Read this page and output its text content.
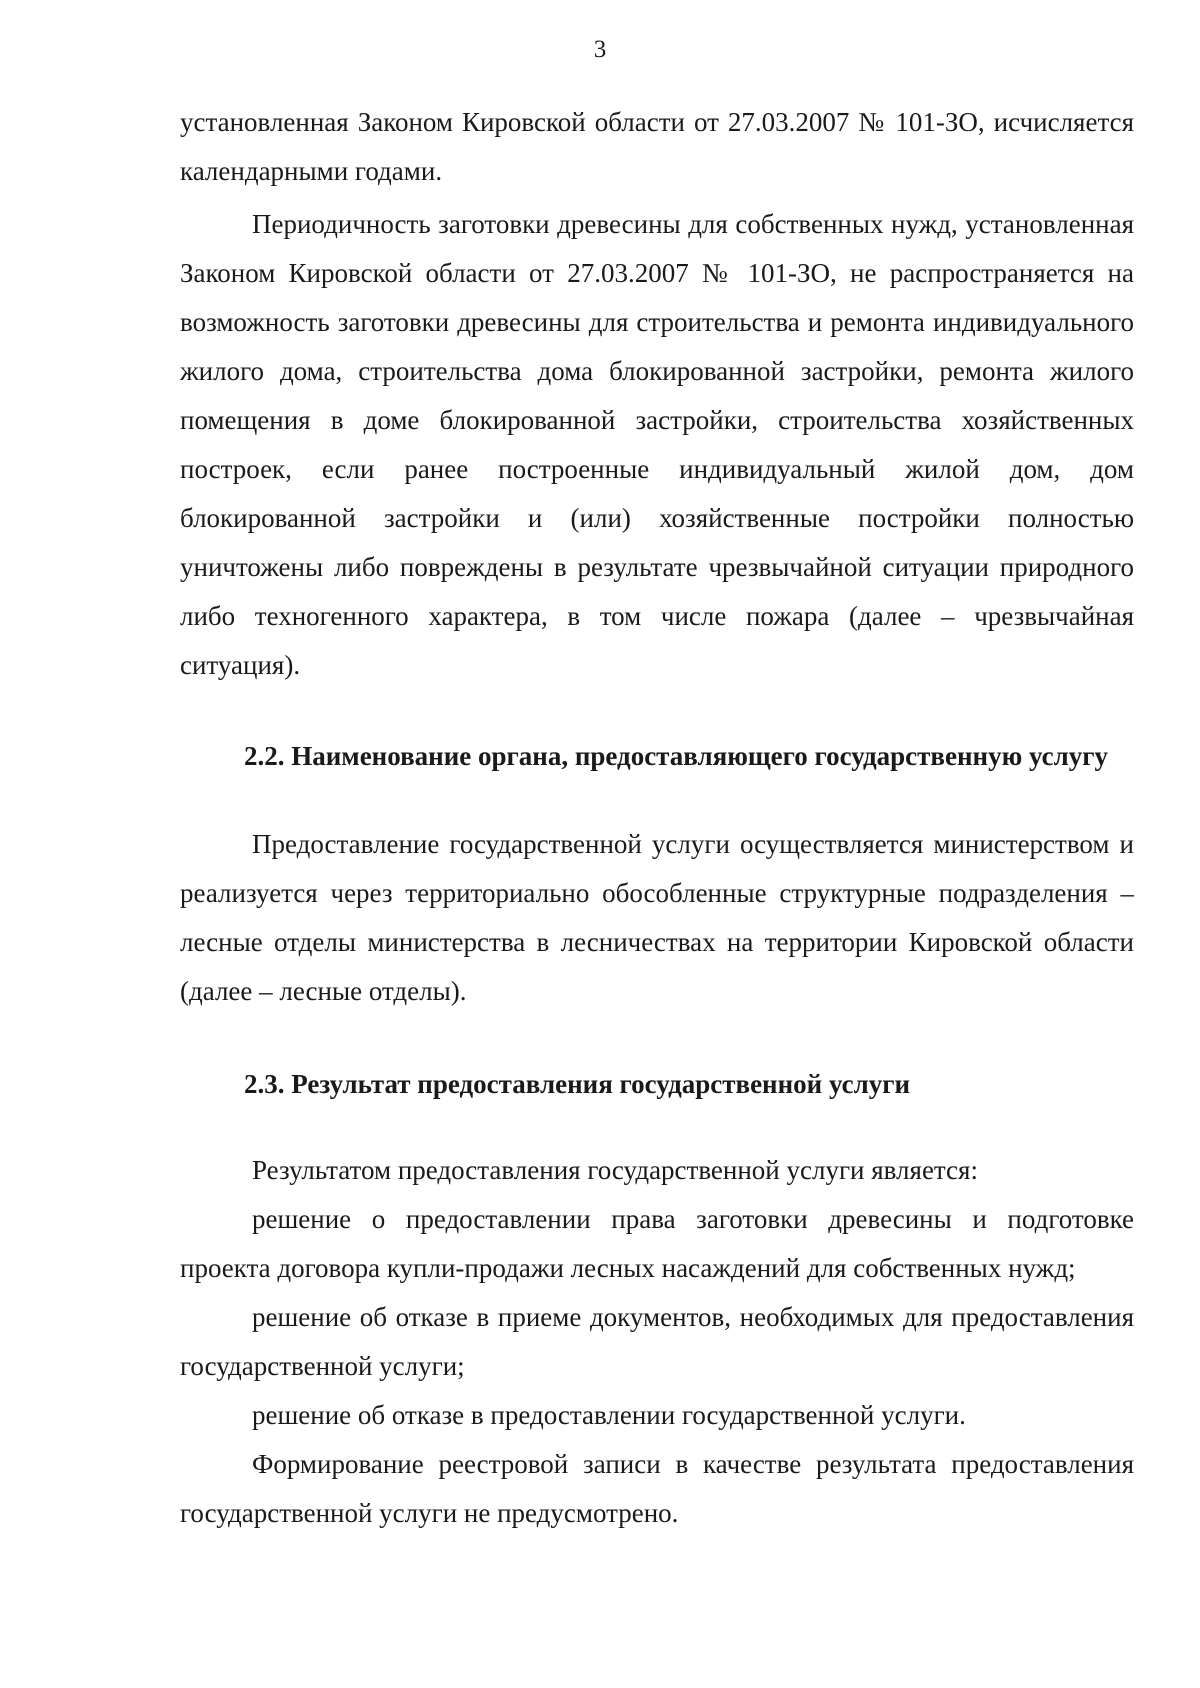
3

установленная Законом Кировской области от 27.03.2007 № 101-ЗО, исчисляется календарными годами.

Периодичность заготовки древесины для собственных нужд, установленная Законом Кировской области от 27.03.2007 № 101-ЗО, не распространяется на возможность заготовки древесины для строительства и ремонта индивидуального жилого дома, строительства дома блокированной застройки, ремонта жилого помещения в доме блокированной застройки, строительства хозяйственных построек, если ранее построенные индивидуальный жилой дом, дом блокированной застройки и (или) хозяйственные постройки полностью уничтожены либо повреждены в результате чрезвычайной ситуации природного либо техногенного характера, в том числе пожара (далее – чрезвычайная ситуация).

2.2. Наименование органа, предоставляющего государственную услугу

Предоставление государственной услуги осуществляется министерством и реализуется через территориально обособленные структурные подразделения – лесные отделы министерства в лесничествах на территории Кировской области (далее – лесные отделы).

2.3. Результат предоставления государственной услуги

Результатом предоставления государственной услуги является:

решение о предоставлении права заготовки древесины и подготовке проекта договора купли-продажи лесных насаждений для собственных нужд;

решение об отказе в приеме документов, необходимых для предоставления государственной услуги;

решение об отказе в предоставлении государственной услуги.

Формирование реестровой записи в качестве результата предоставления государственной услуги не предусмотрено.
